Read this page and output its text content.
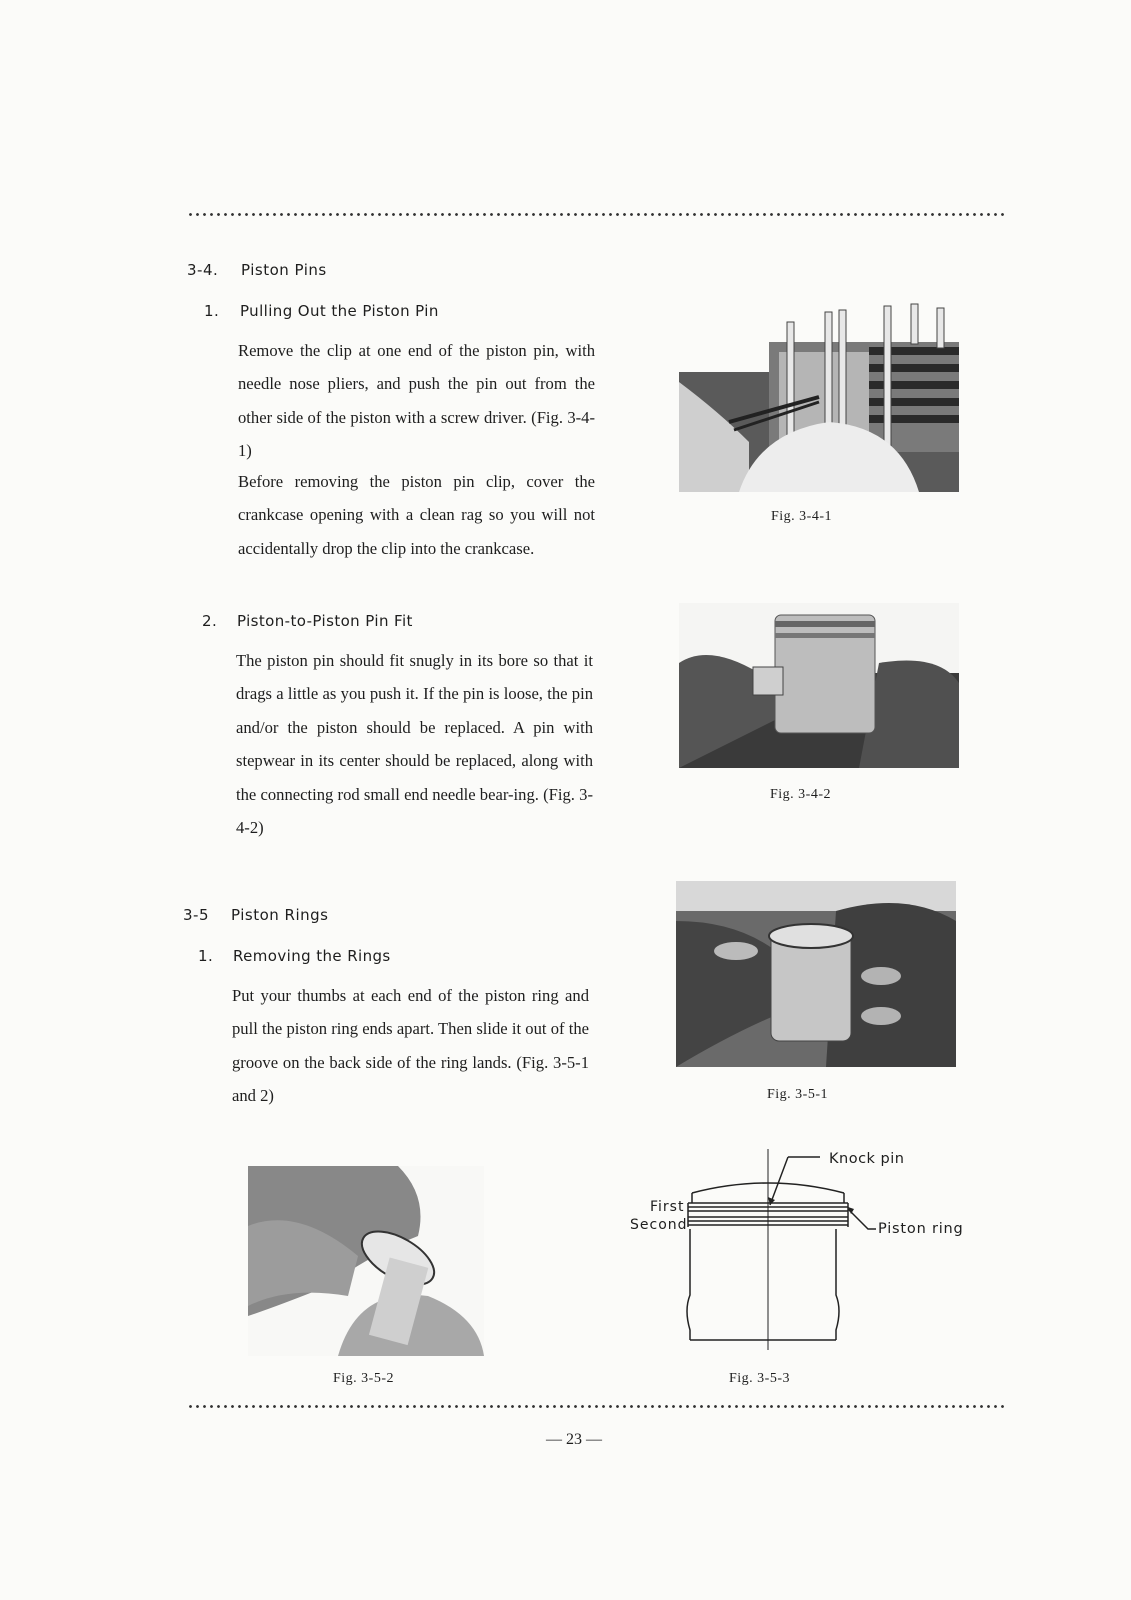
3-4. Piston Pins
1. Pulling Out the Piston Pin

Remove the clip at one end of the piston pin, with needle nose pliers, and push the pin out from the other side of the piston with a screw driver. (Fig. 3-4-1)

Before removing the piston pin clip, cover the crankcase opening with a clean rag so you will not accidentally drop the clip into the crankcase.

2. Piston-to-Piston Pin Fit

The piston pin should fit snugly in its bore so that it drags a little as you push it. If the pin is loose, the pin and/or the piston should be replaced. A pin with stepwear in its center should be replaced, along with the connecting rod small end needle bear-ing. (Fig. 3-4-2)

3-5 Piston Rings
1. Removing the Rings

Put your thumbs at each end of the piston ring and pull the piston ring ends apart. Then slide it out of the groove on the back side of the ring lands. (Fig. 3-5-1 and 2)

Fig. 3-4-1
Fig. 3-4-2
Fig. 3-5-1
Fig. 3-5-2
Knock pin
First
Second	Piston ring
Fig. 3-5-3
— 23 —
